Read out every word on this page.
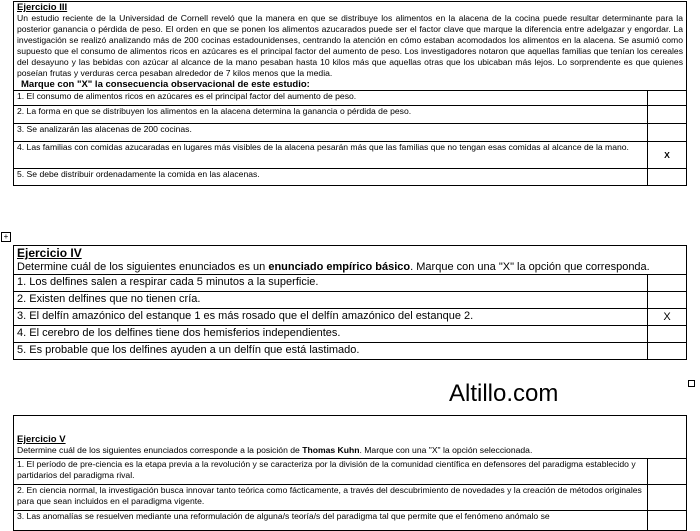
Ejercicio III
Un estudio reciente de la Universidad de Cornell reveló que la manera en que se distribuye los alimentos en la alacena de la cocina puede resultar determinante para la posterior ganancia o pérdida de peso. El orden en que se ponen los alimentos azucarados puede ser el factor clave que marque la diferencia entre adelgazar y engordar. La investigación se realizó analizando más de 200 cocinas estadounidenses, centrando la atención en cómo estaban acomodados los alimentos en la alacena. Se asumió como supuesto que el consumo de alimentos ricos en azúcares es el principal factor del aumento de peso. Los investigadores notaron que aquellas familias que tenían los cereales del desayuno y las bebidas con azúcar al alcance de la mano pesaban hasta 10 kilos más que aquellas otras que los ubicaban más lejos. Lo sorprendente es que quienes poseían frutas y verduras cerca pesaban alrededor de 7 kilos menos que la media.
Marque con "X" la consecuencia observacional de este estudio:	

1. El consumo de alimentos ricos en azúcares es el principal factor del aumento de peso.	
2. La forma en que se distribuyen los alimentos en la alacena determina la ganancia o pérdida de peso.	
3. Se analizarán las alacenas de 200 cocinas.	
4. Las familias con comidas azucaradas en lugares más visibles de la alacena pesarán más que las familias que no tengan esas comidas al alcance de la mano.	X
5. Se debe distribuir ordenadamente la comida en las alacenas.	
+
Ejercicio IV
Determine cuál de los siguientes enunciados es un enunciado empírico básico. Marque con una "X" la opción que corresponda.	

1. Los delfines salen a respirar cada 5 minutos a la superficie.	
2. Existen delfines que no tienen cría.	
3. El delfín amazónico del estanque 1 es más rosado que el delfín amazónico del estanque 2.	X
4. El cerebro de los delfines tiene dos hemisferios independientes.	
5. Es probable que los delfines ayuden a un delfín que está lastimado.	
Altillo.com
Ejercicio V
Determine cuál de los siguientes enunciados corresponde a la posición de Thomas Kuhn. Marque con una "X" la opción seleccionada.	

1. El período de pre-ciencia es la etapa previa a la revolución y se caracteriza por la división de la comunidad científica en defensores del paradigma establecido y partidarios del paradigma rival.	
2. En ciencia normal, la investigación busca innovar tanto teórica como fácticamente, a través del descubrimiento de novedades y la creación de métodos originales para que sean incluidos en el paradigma vigente.	
3. Las anomalías se resuelven mediante una reformulación de alguna/s teoría/s del paradigma tal que permite que el fenómeno anómalo se	
